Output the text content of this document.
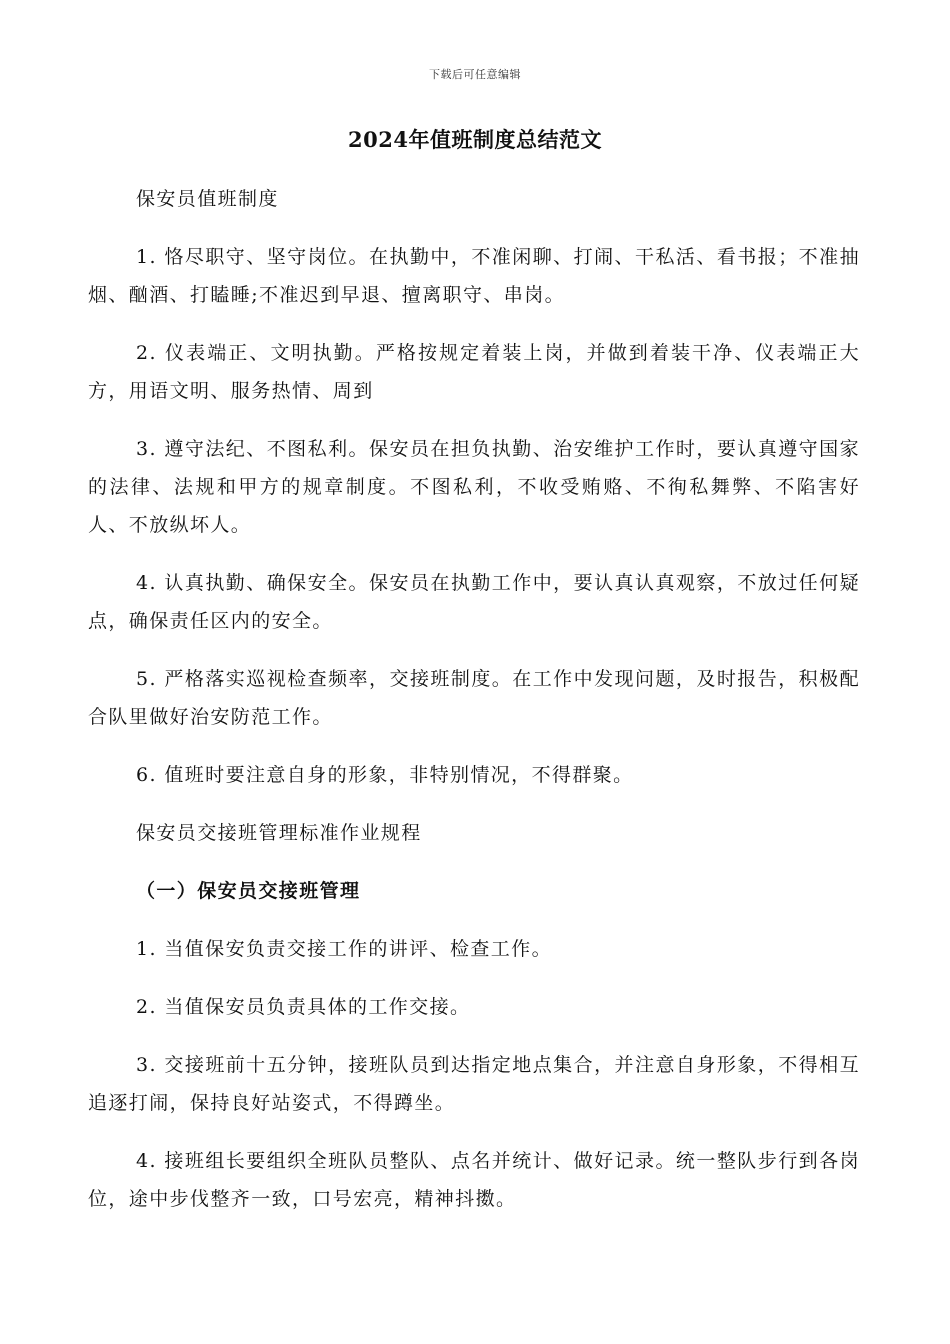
下载后可任意编辑
2024年值班制度总结范文

保安员值班制度

1. 恪尽职守、坚守岗位。在执勤中，不准闲聊、打闹、干私活、看书报；不准抽烟、酗酒、打瞌睡;不准迟到早退、擅离职守、串岗。

2. 仪表端正、文明执勤。严格按规定着装上岗，并做到着装干净、仪表端正大方，用语文明、服务热情、周到

3. 遵守法纪、不图私利。保安员在担负执勤、治安维护工作时，要认真遵守国家的法律、法规和甲方的规章制度。不图私利，不收受贿赂、不徇私舞弊、不陷害好人、不放纵坏人。

4. 认真执勤、确保安全。保安员在执勤工作中，要认真认真观察，不放过任何疑点，确保责任区内的安全。

5. 严格落实巡视检查频率，交接班制度。在工作中发现问题，及时报告，积极配合队里做好治安防范工作。

6. 值班时要注意自身的形象，非特别情况，不得群聚。

保安员交接班管理标准作业规程

（一）保安员交接班管理

1. 当值保安负责交接工作的讲评、检查工作。

2. 当值保安员负责具体的工作交接。

3. 交接班前十五分钟，接班队员到达指定地点集合，并注意自身形象，不得相互追逐打闹，保持良好站姿式，不得蹲坐。

4. 接班组长要组织全班队员整队、点名并统计、做好记录。统一整队步行到各岗位，途中步伐整齐一致，口号宏亮，精神抖擞。
